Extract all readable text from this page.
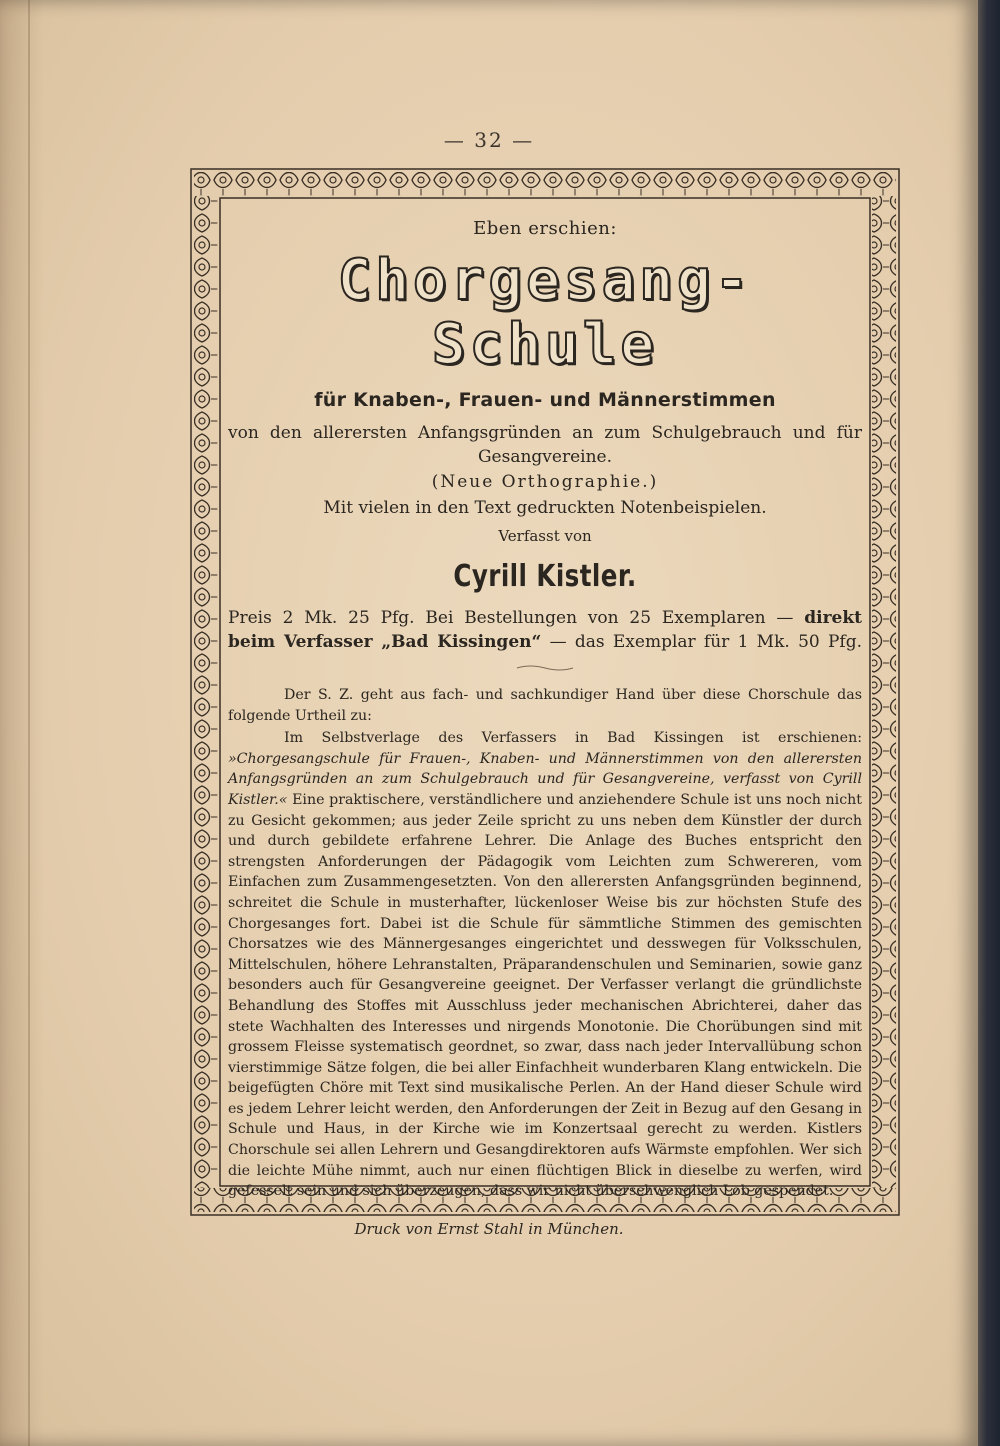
— 32 —
Eben erschien:
Chorgesang-Schule
für Knaben-, Frauen- und Männerstimmen
von den allerersten Anfangsgründen an zum Schulgebrauch und für
Gesangvereine.
(Neue Orthographie.)
Mit vielen in den Text gedruckten Notenbeispielen.
Verfasst von
Cyrill Kistler.
Preis 2 Mk. 25 Pfg. Bei Bestellungen von 25 Exemplaren — direkt
beim Verfasser „Bad Kissingen“ — das Exemplar für 1 Mk. 50 Pfg.

Der S. Z. geht aus fach- und sachkundiger Hand über diese Chorschule das folgende Urtheil zu:

Im Selbstverlage des Verfassers in Bad Kissingen ist erschienen: »Chorgesangschule für Frauen-, Knaben- und Männerstimmen von den allerersten Anfangsgründen an zum Schulgebrauch und für Gesangvereine, verfasst von Cyrill Kistler.« Eine praktischere, verständlichere und anziehendere Schule ist uns noch nicht zu Gesicht gekommen; aus jeder Zeile spricht zu uns neben dem Künstler der durch und durch gebildete erfahrene Lehrer. Die Anlage des Buches entspricht den strengsten Anforderungen der Pädagogik vom Leichten zum Schwereren, vom Einfachen zum Zusammengesetzten. Von den allerersten Anfangsgründen beginnend, schreitet die Schule in musterhafter, lückenloser Weise bis zur höchsten Stufe des Chorgesanges fort. Dabei ist die Schule für sämmtliche Stimmen des gemischten Chorsatzes wie des Männergesanges eingerichtet und desswegen für Volksschulen, Mittelschulen, höhere Lehranstalten, Präparandenschulen und Seminarien, sowie ganz besonders auch für Gesangvereine geeignet. Der Verfasser verlangt die gründlichste Behandlung des Stoffes mit Ausschluss jeder mechanischen Abrichterei, daher das stete Wachhalten des Interesses und nirgends Monotonie. Die Chorübungen sind mit grossem Fleisse systematisch geordnet, so zwar, dass nach jeder Intervallübung schon vierstimmige Sätze folgen, die bei aller Einfachheit wunderbaren Klang entwickeln. Die beigefügten Chöre mit Text sind musikalische Perlen. An der Hand dieser Schule wird es jedem Lehrer leicht werden, den Anforderungen der Zeit in Bezug auf den Gesang in Schule und Haus, in der Kirche wie im Konzertsaal gerecht zu werden. Kistlers Chorschule sei allen Lehrern und Gesangdirektoren aufs Wärmste empfohlen. Wer sich die leichte Mühe nimmt, auch nur einen flüchtigen Blick in dieselbe zu werfen, wird gefesselt sein und sich überzeugen, dass wir nicht überschwenglich Lob gespendet.

Druck von Ernst Stahl in München.
